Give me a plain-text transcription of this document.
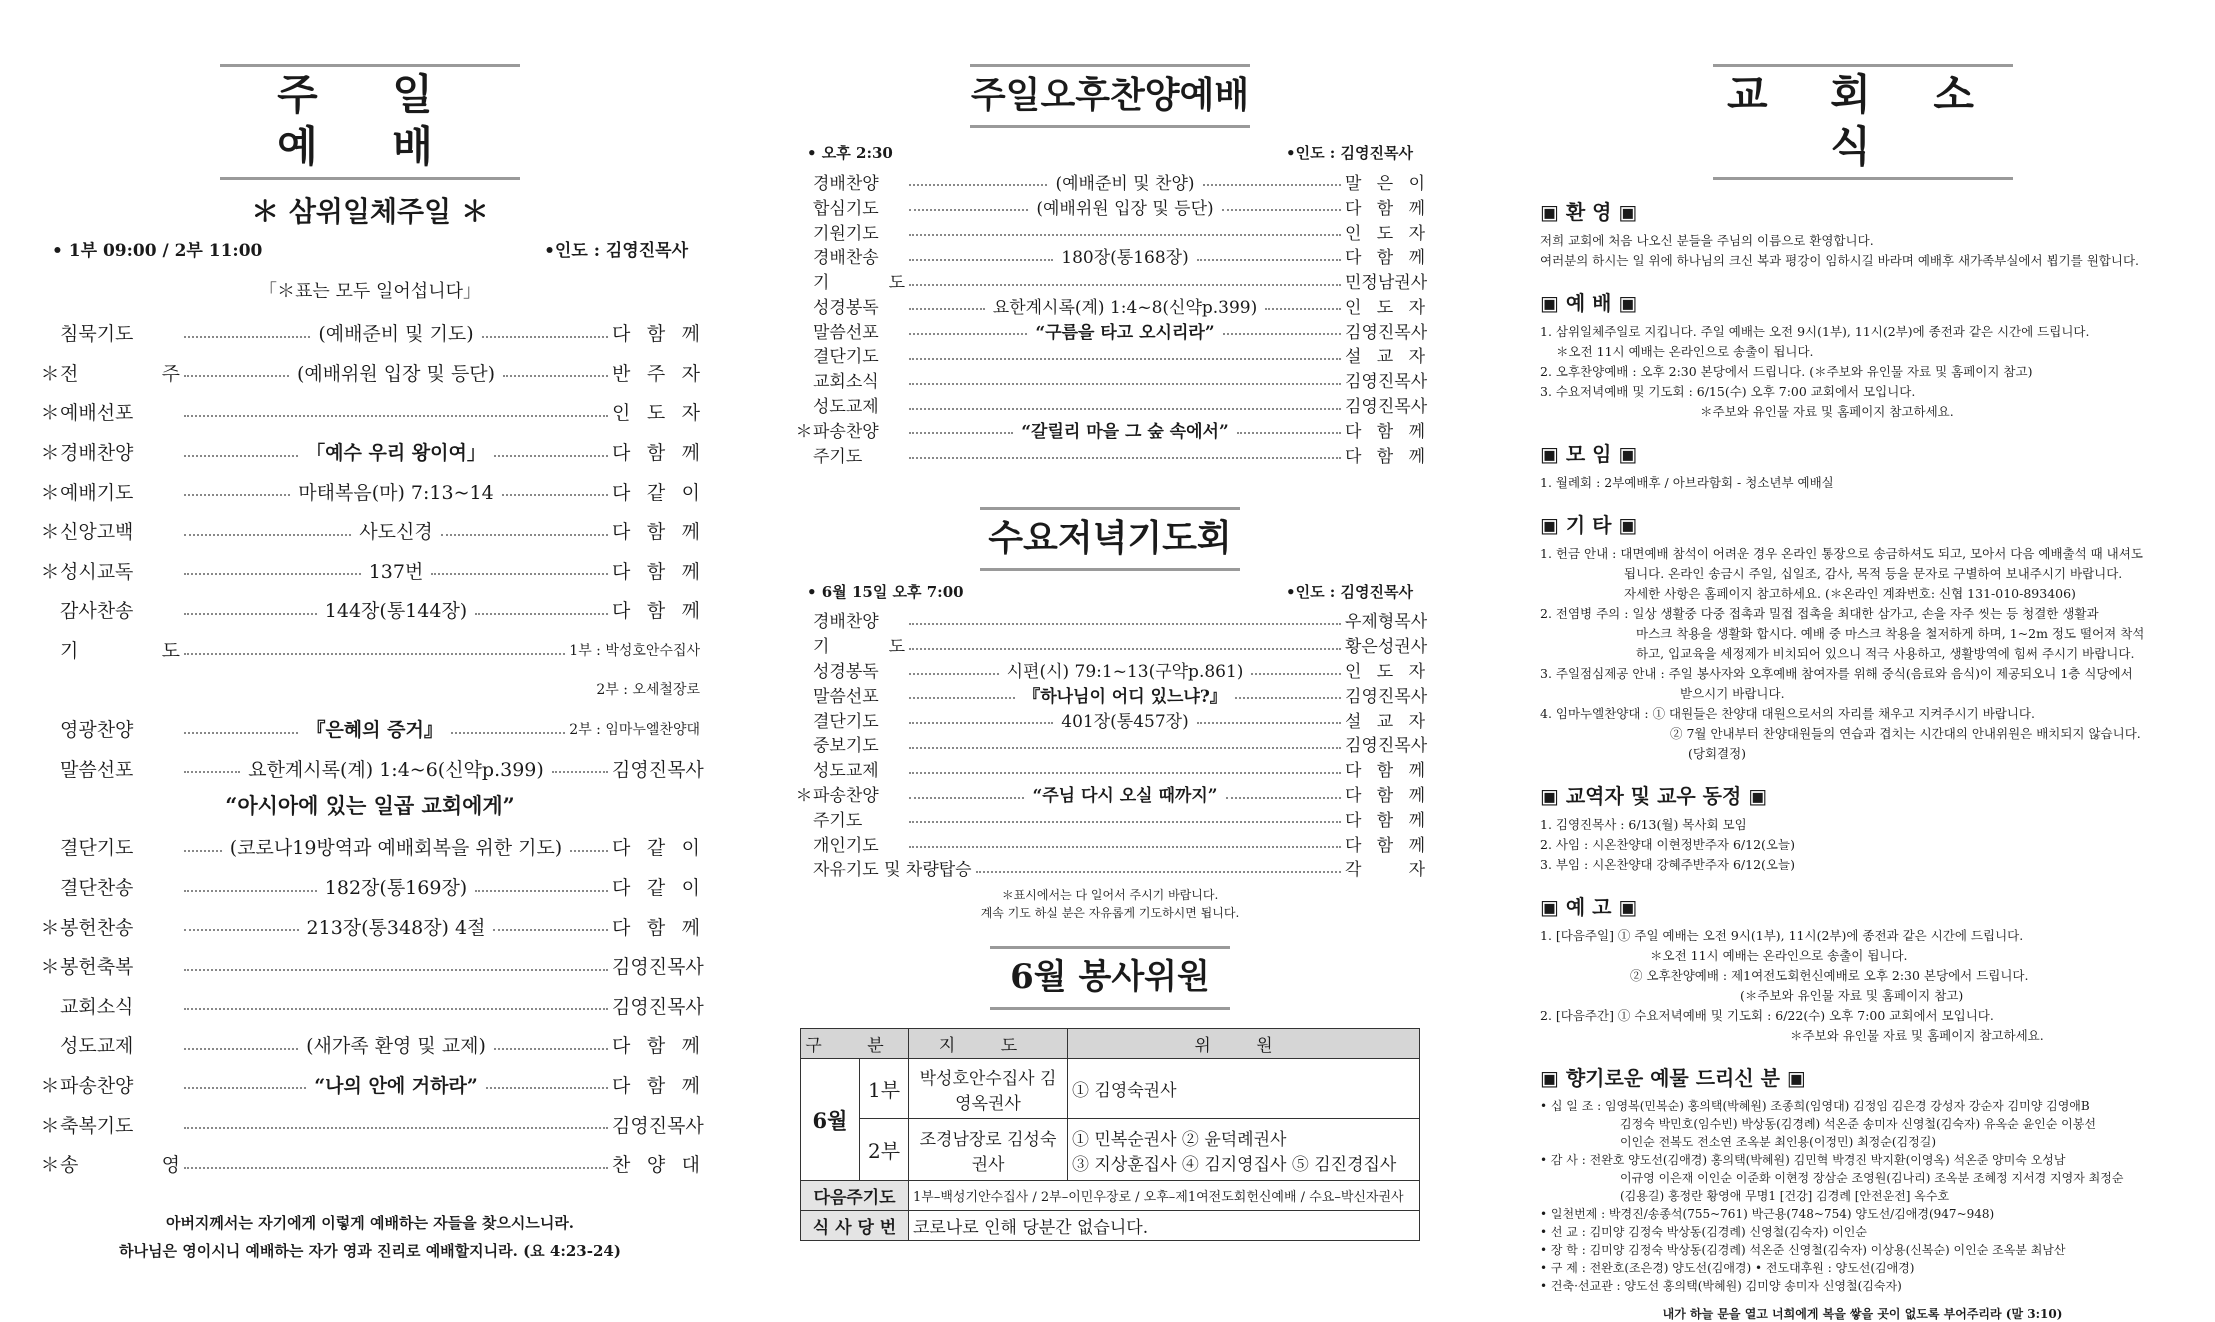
주 일 예 배
＊ 삼위일체주일 ＊
• 1부 09:00 / 2부 11:00	•인도 : 김영진목사
「＊표는 모두 일어섭니다」
침묵기도	(예배준비 및 기도)	다 함 께
＊ 전 주	(예배위원 입장 및 등단)	반 주 자
＊ 예배선포	인 도 자
＊ 경배찬양	「예수 우리 왕이여」	다 함 께
＊ 예배기도	마태복음(마) 7:13~14	다 같 이
＊ 신앙고백	사도신경	다 함 께
＊ 성시교독	137번	다 함 께
감사찬송	144장(통144장)	다 함 께
기 도	1부 : 박성호안수집사
2부 : 오세철장로
영광찬양	『은혜의 증거』	2부 : 임마누엘찬양대
말씀선포	요한계시록(계) 1:4~6(신약p.399)	김영진목사
“아시아에 있는 일곱 교회에게”
결단기도	(코로나19방역과 예배회복을 위한 기도)	다 같 이
결단찬송	182장(통169장)	다 같 이
＊ 봉헌찬송	213장(통348장) 4절	다 함 께
＊ 봉헌축복	김영진목사
교회소식	김영진목사
성도교제	(새가족 환영 및 교제)	다 함 께
＊ 파송찬양	“나의 안에 거하라”	다 함 께
＊ 축복기도	김영진목사
＊ 송 영	찬 양 대
아버지께서는 자기에게 이렇게 예배하는 자들을 찾으시느니라.
하나님은 영이시니 예배하는 자가 영과 진리로 예배할지니라. (요 4:23-24)
주일오후찬양예배
• 오후 2:30	•인도 : 김영진목사
경배찬양	(예배준비 및 찬양)	말 은 이
합심기도	(예배위원 입장 및 등단)	다 함 께
기원기도	인 도 자
경배찬송	180장(통168장)	다 함 께
기 도	민정남권사
성경봉독	요한계시록(계) 1:4~8(신약p.399)	인 도 자
말씀선포	“구름을 타고 오시리라”	김영진목사
결단기도	설 교 자
교회소식	김영진목사
성도교제	김영진목사
＊ 파송찬양	“갈릴리 마을 그 숲 속에서”	다 함 께
주기도	다 함 께
수요저녁기도회
• 6월 15일 오후 7:00	•인도 : 김영진목사
경배찬양	우제형목사
기 도	황은성권사
성경봉독	시편(시) 79:1~13(구약p.861)	인 도 자
말씀선포	『하나님이 어디 있느냐?』	김영진목사
결단기도	401장(통457장)	설 교 자
중보기도	김영진목사
성도교제	다 함 께
＊ 파송찬양	“주님 다시 오실 때까지”	다 함 께
주기도	다 함 께
개인기도	다 함 께
자유기도 및 차량탑승	각 자
＊표시에서는 다 일어서 주시기 바랍니다.
계속 기도 하실 분은 자유롭게 기도하시면 됩니다.
6월 봉사위원
구 분		지 도	위 원
6월	1부	박성호안수집사 김영옥권사	① 김영숙권사
	2부	조경남장로 김성숙권사	① 민복순권사 ② 윤덕례권사
③ 지상훈집사 ④ 김지영집사 ⑤ 김진경집사

다음주기도		1부–백성기안수집사 / 2부–이민우장로 / 오후–제1여전도회헌신예배 / 수요–박신자권사	
식 사 당 번		코로나로 인해 당분간 없습니다.	
교 회 소 식
▣ 환 영 ▣
저희 교회에 처음 나오신 분들을 주님의 이름으로 환영합니다.
여러분의 하시는 일 위에 하나님의 크신 복과 평강이 임하시길 바라며 예배후 새가족부실에서 뵙기를 원합니다.
▣ 예 배 ▣
1. 삼위일체주일로 지킵니다. 주일 예배는 오전 9시(1부), 11시(2부)에 종전과 같은 시간에 드립니다.
＊오전 11시 예배는 온라인으로 송출이 됩니다.
2. 오후찬양예배 : 오후 2:30 본당에서 드립니다. (＊주보와 유인물 자료 및 홈페이지 참고)
3. 수요저녁예배 및 기도회 : 6/15(수) 오후 7:00 교회에서 모입니다.
＊주보와 유인물 자료 및 홈페이지 참고하세요.
▣ 모 임 ▣
1. 월례회 : 2부예배후 / 아브라함회 - 청소년부 예배실
▣ 기 타 ▣
1. 헌금 안내 : 대면예배 참석이 어려운 경우 온라인 통장으로 송금하셔도 되고, 모아서 다음 예배출석 때 내셔도
됩니다. 온라인 송금시 주일, 십일조, 감사, 목적 등을 문자로 구별하여 보내주시기 바랍니다.
자세한 사항은 홈페이지 참고하세요. (＊온라인 계좌번호: 신협 131-010-893406)
2. 전염병 주의 : 일상 생활중 다중 접촉과 밀접 접촉을 최대한 삼가고, 손을 자주 씻는 등 청결한 생활과
마스크 착용을 생활화 합시다. 예배 중 마스크 착용을 철저하게 하며, 1~2m 정도 떨어져 착석
하고, 입교육을 세정제가 비치되어 있으니 적극 사용하고, 생활방역에 힘써 주시기 바랍니다.
3. 주일점심제공 안내 : 주일 봉사자와 오후예배 참여자를 위해 중식(음료와 음식)이 제공되오니 1층 식당에서
받으시기 바랍니다.
4. 임마누엘찬양대 : ① 대원들은 찬양대 대원으로서의 자리를 채우고 지켜주시기 바랍니다.
② 7월 안내부터 찬양대원들의 연습과 겹치는 시간대의 안내위원은 배치되지 않습니다.
(당회결정)
▣ 교역자 및 교우 동정 ▣
1. 김영진목사 : 6/13(월) 목사회 모임
2. 사임 : 시온찬양대 이현정반주자 6/12(오늘)
3. 부임 : 시온찬양대 강혜주반주자 6/12(오늘)
▣ 예 고 ▣
1. [다음주일] ① 주일 예배는 오전 9시(1부), 11시(2부)에 종전과 같은 시간에 드립니다.
＊오전 11시 예배는 온라인으로 송출이 됩니다.
② 오후찬양예배 : 제1여전도회헌신예배로 오후 2:30 본당에서 드립니다.
(＊주보와 유인물 자료 및 홈페이지 참고)
2. [다음주간] ① 수요저녁예배 및 기도회 : 6/22(수) 오후 7:00 교회에서 모입니다.
＊주보와 유인물 자료 및 홈페이지 참고하세요.
▣ 향기로운 예물 드리신 분 ▣
• 십 일 조 : 임영복(민복순) 홍의택(박혜원) 조종희(임영대) 김정임 김은경 강성자 강순자 김미양 김영애B
김정숙 박민호(임수빈) 박상동(김경례) 석온준 송미자 신영철(김숙자) 유옥순 윤인순 이봉선
이인순 전복도 전소연 조옥분 최인용(이정민) 최정순(김정길)
• 감 사 : 전완호 양도선(김애경) 홍의택(박혜원) 김민혁 박경진 박지환(이영옥) 석온준 양미숙 오성남
이규영 이은재 이인순 이준화 이현정 장삼순 조영원(김나리) 조옥분 조혜정 지서경 지영자 최정순
(김용길) 홍정란 황영애 무명1 [건강] 김경례 [안전운전] 옥수호
• 일천번제 : 박경진/송종석(755~761) 박근용(748~754) 양도선/김애경(947~948)
• 선 교 : 김미양 김정숙 박상동(김경례) 신영철(김숙자) 이인순
• 장 학 : 김미양 김정숙 박상동(김경례) 석온준 신영철(김숙자) 이상용(신복순) 이인순 조옥분 최남산
• 구 제 : 전완호(조은경) 양도선(김애경) • 전도대후원 : 양도선(김애경)
• 건축·선교관 : 양도선 홍의택(박혜원) 김미양 송미자 신영철(김숙자)
내가 하늘 문을 열고 너희에게 복을 쌓을 곳이 없도록 부어주리라 (말 3:10)
